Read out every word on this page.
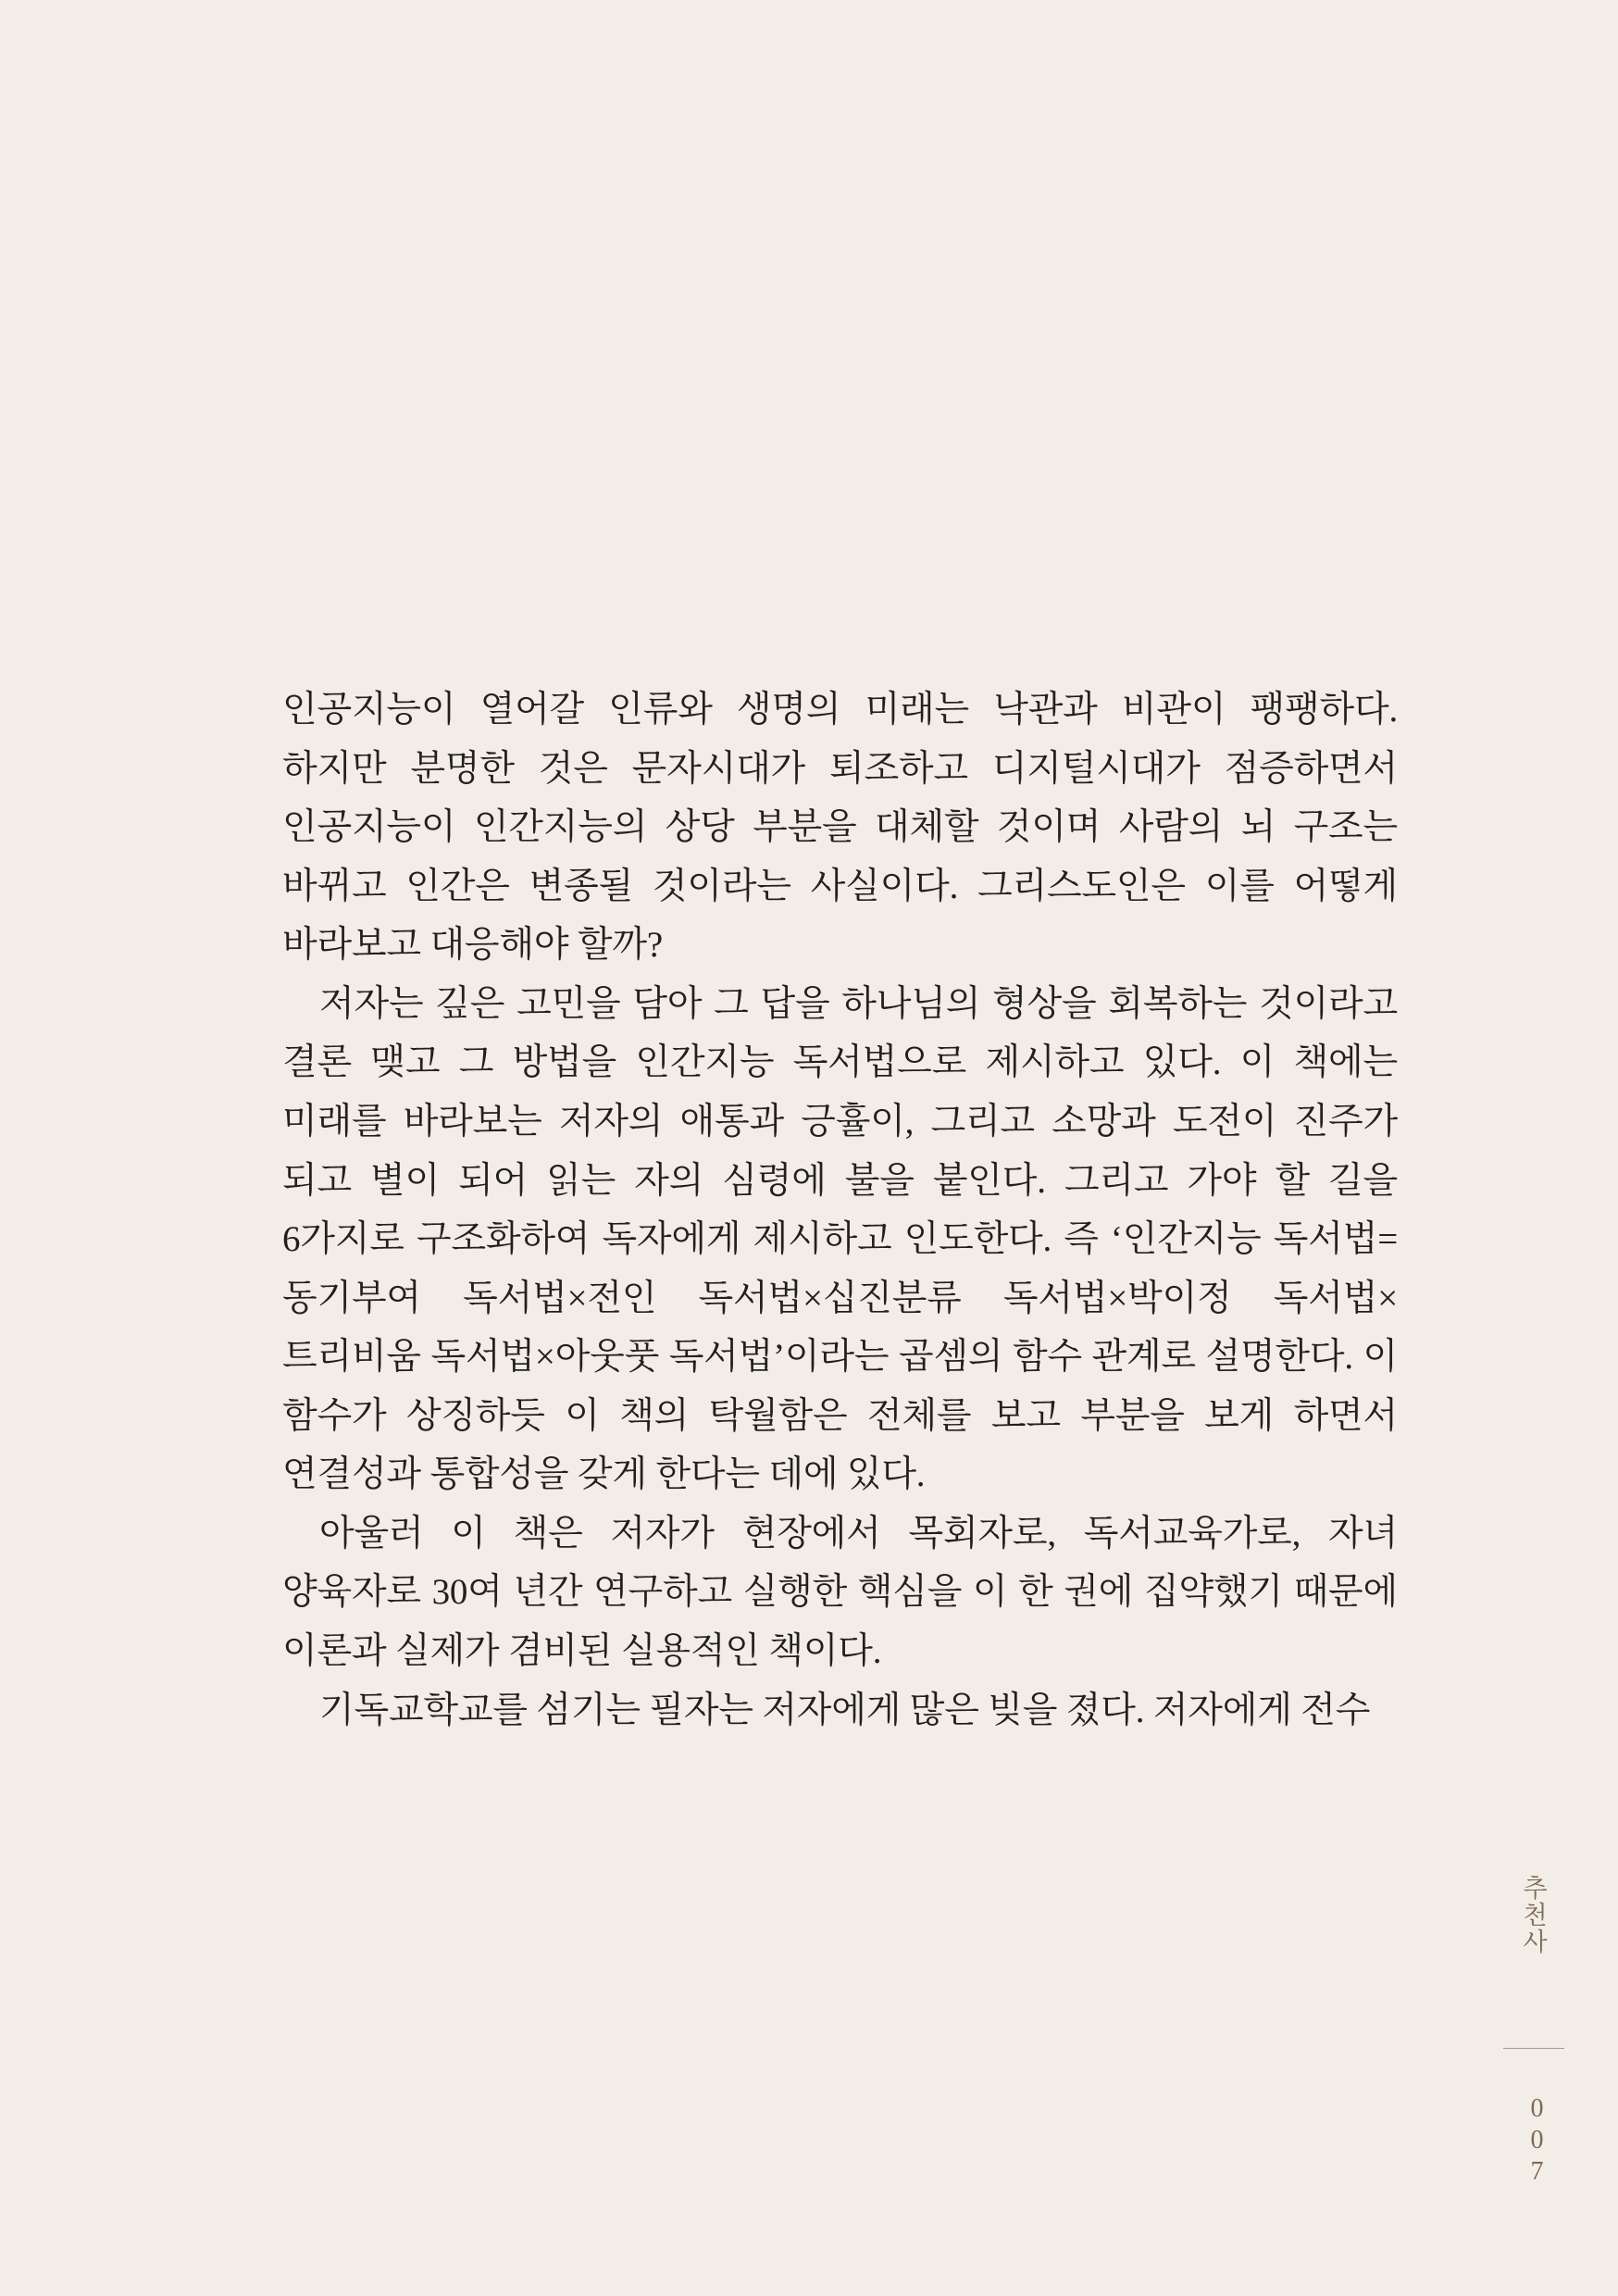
인공지능이 열어갈 인류와 생명의 미래는 낙관과 비관이 팽팽하다. 하지만 분명한 것은 문자시대가 퇴조하고 디지털시대가 점증하면서 인공지능이 인간지능의 상당 부분을 대체할 것이며 사람의 뇌 구조는 바뀌고 인간은 변종될 것이라는 사실이다. 그리스도인은 이를 어떻게 바라보고 대응해야 할까?

저자는 깊은 고민을 담아 그 답을 하나님의 형상을 회복하는 것이라고 결론 맺고 그 방법을 인간지능 독서법으로 제시하고 있다. 이 책에는 미래를 바라보는 저자의 애통과 긍휼이, 그리고 소망과 도전이 진주가 되고 별이 되어 읽는 자의 심령에 불을 붙인다. 그리고 가야 할 길을 6가지로 구조화하여 독자에게 제시하고 인도한다. 즉 ‘인간지능 독서법=동기부여 독서법×전인 독서법×십진분류 독서법×박이정 독서법×트리비움 독서법×아웃풋 독서법’이라는 곱셈의 함수 관계로 설명한다. 이 함수가 상징하듯 이 책의 탁월함은 전체를 보고 부분을 보게 하면서 연결성과 통합성을 갖게 한다는 데에 있다.

아울러 이 책은 저자가 현장에서 목회자로, 독서교육가로, 자녀 양육자로 30여 년간 연구하고 실행한 핵심을 이 한 권에 집약했기 때문에 이론과 실제가 겸비된 실용적인 책이다.

기독교학교를 섬기는 필자는 저자에게 많은 빚을 졌다. 저자에게 전수

추천사
007
